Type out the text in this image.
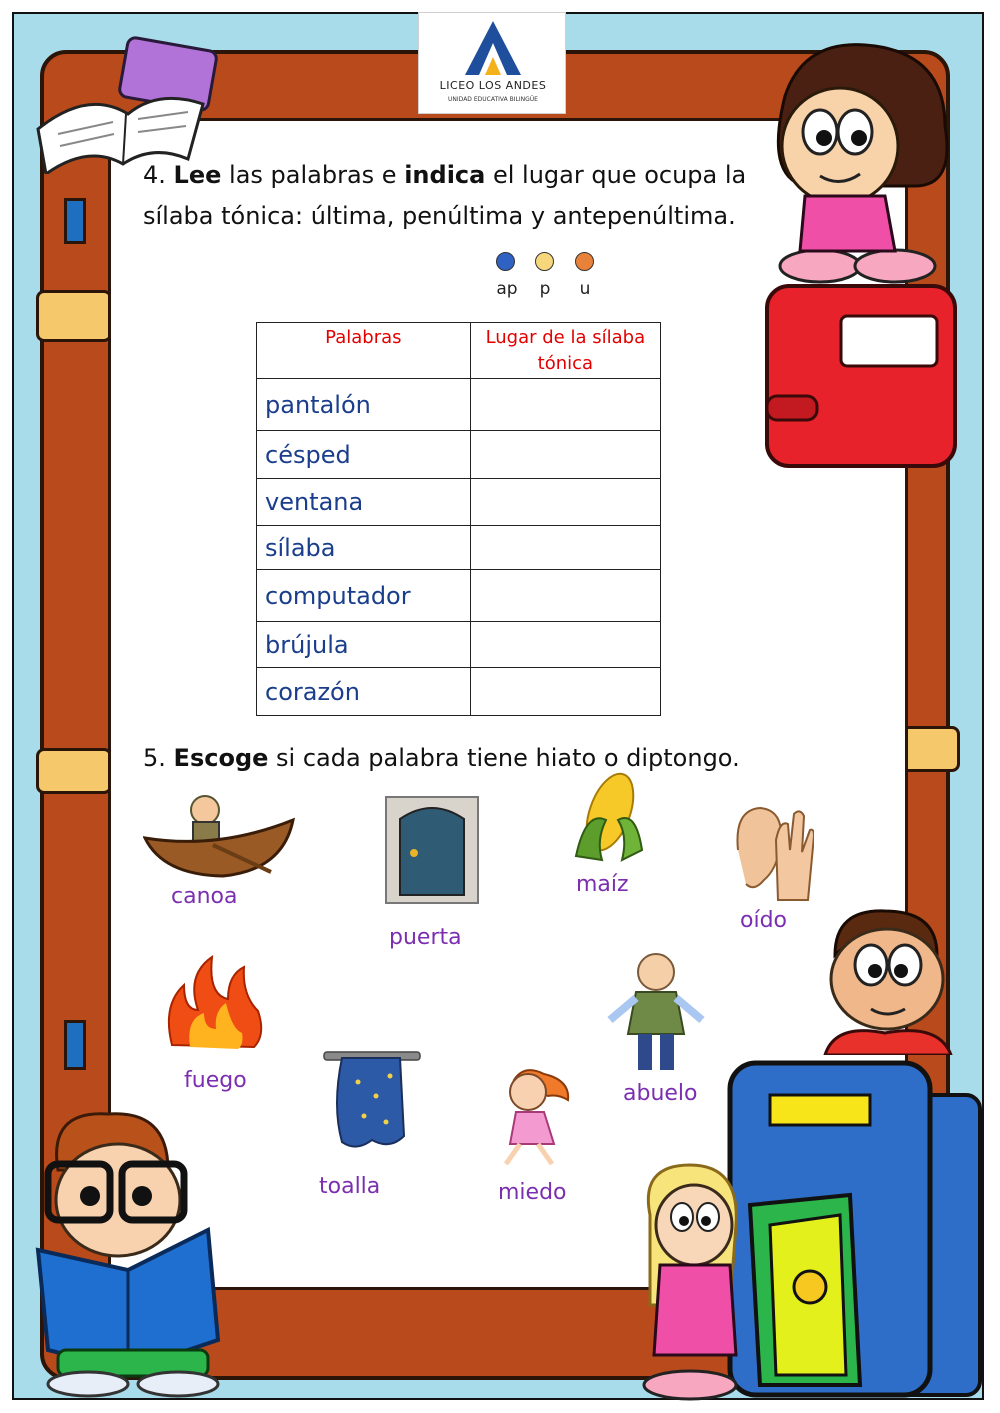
LICEO LOS ANDES
UNIDAD EDUCATIVA BILINGÜE
4. Lee las palabras e indica el lugar que ocupa la
sílaba tónica: última, penúltima y antepenúltima.
ap	p	u
Palabras	Lugar de la sílaba tónica
pantalón	
césped	
ventana	
sílaba	
computador	
brújula	
corazón	
5. Escoge si cada palabra tiene hiato o diptongo.
canoa
puerta
maíz
oído
fuego
toalla	miedo
abuelo
